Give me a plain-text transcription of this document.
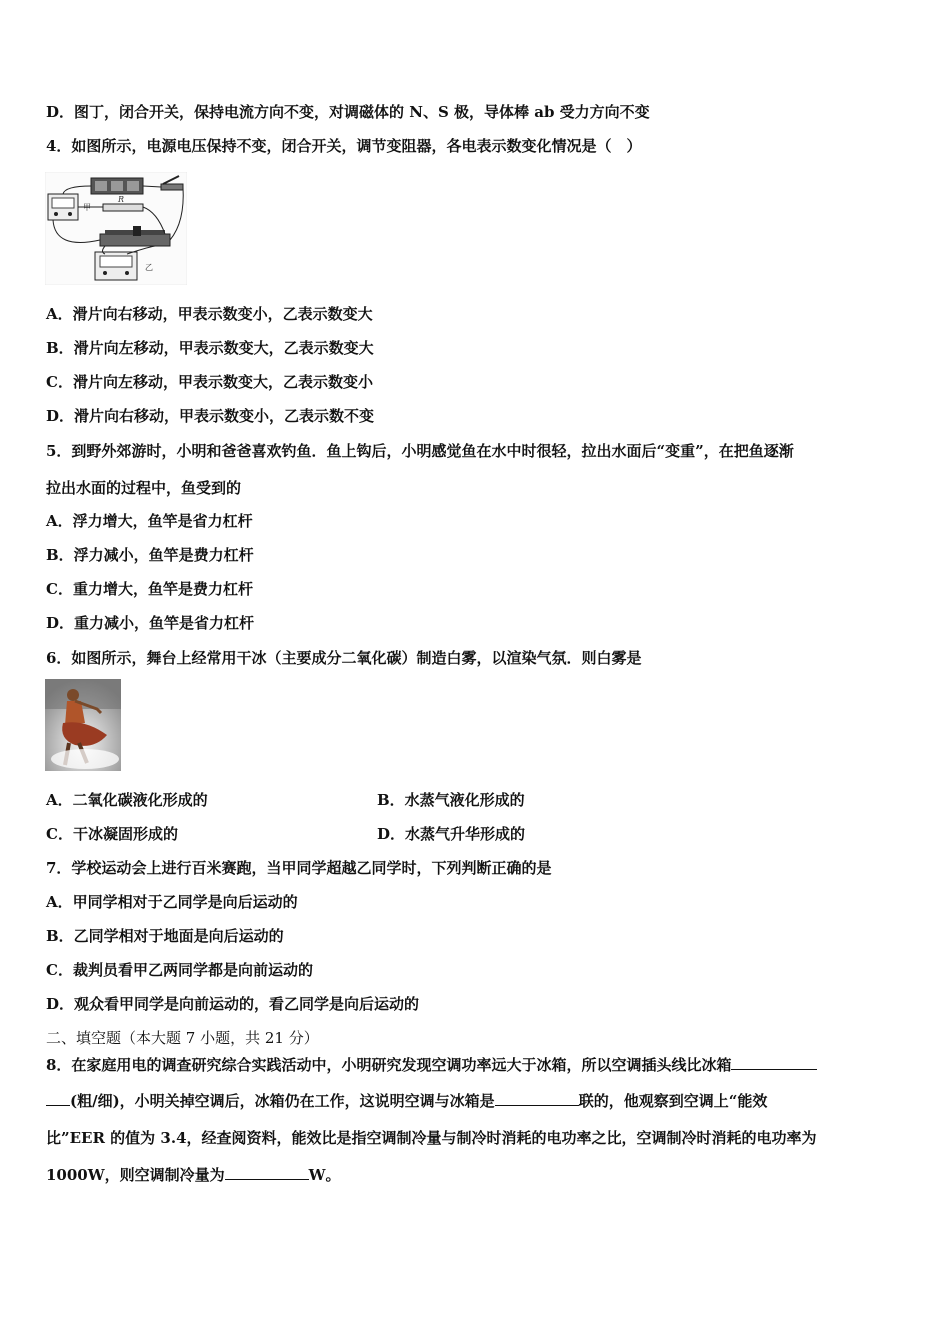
D．图丁，闭合开关，保持电流方向不变，对调磁体的 N、S 极，导体棒 ab 受力方向不变
4．如图所示，电源电压保持不变，闭合开关，调节变阻器，各电表示数变化情况是（　）
甲
R
乙
A．滑片向右移动，甲表示数变小，乙表示数变大
B．滑片向左移动，甲表示数变大，乙表示数变大
C．滑片向左移动，甲表示数变大，乙表示数变小
D．滑片向右移动，甲表示数变小，乙表示数不变
5．到野外郊游时，小明和爸爸喜欢钓鱼．鱼上钩后，小明感觉鱼在水中时很轻，拉出水面后“变重”，在把鱼逐渐
拉出水面的过程中，鱼受到的
A．浮力增大，鱼竿是省力杠杆
B．浮力减小，鱼竿是费力杠杆
C．重力增大，鱼竿是费力杠杆
D．重力减小，鱼竿是省力杠杆
6．如图所示，舞台上经常用干冰（主要成分二氧化碳）制造白雾，以渲染气氛．则白雾是
A．二氧化碳液化形成的	B．水蒸气液化形成的
C．干冰凝固形成的	D．水蒸气升华形成的
7．学校运动会上进行百米赛跑，当甲同学超越乙同学时，下列判断正确的是
A．甲同学相对于乙同学是向后运动的
B．乙同学相对于地面是向后运动的
C．裁判员看甲乙两同学都是向前运动的
D．观众看甲同学是向前运动的，看乙同学是向后运动的
二、填空题（本大题 7 小题，共 21 分）
8．在家庭用电的调查研究综合实践活动中，小明研究发现空调功率远大于冰箱，所以空调插头线比冰箱
(粗/细)，小明关掉空调后，冰箱仍在工作，这说明空调与冰箱是	联的，他观察到空调上“能效
比”EER 的值为 3.4，经查阅资料，能效比是指空调制冷量与制冷时消耗的电功率之比，空调制冷时消耗的电功率为
1000W，则空调制冷量为	W。
